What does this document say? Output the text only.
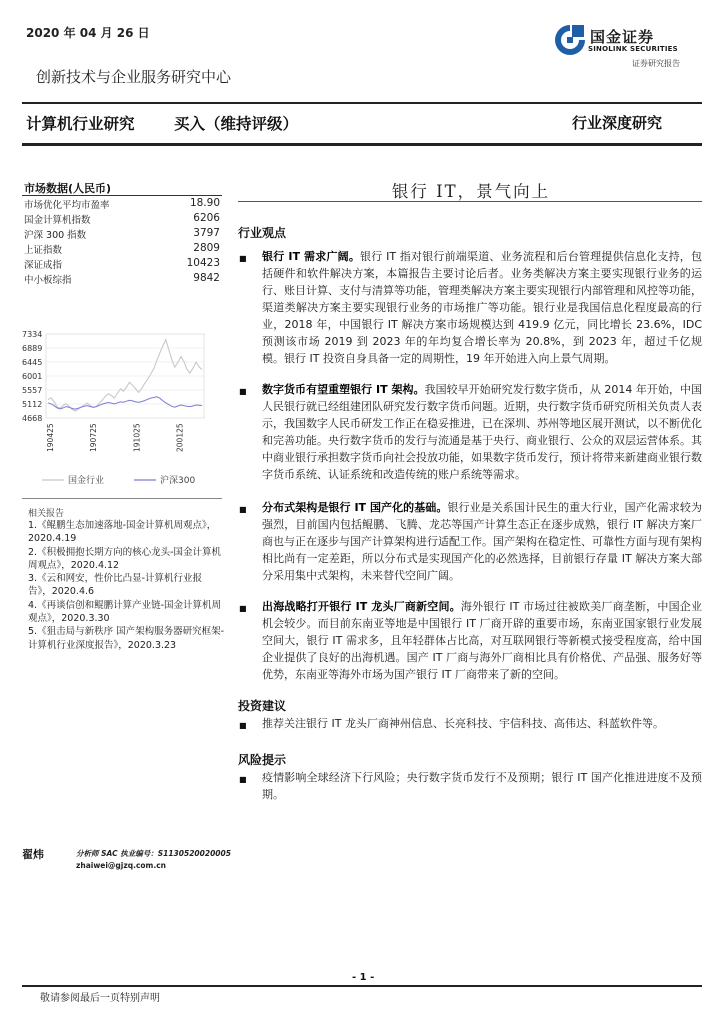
2020 年 04 月 26 日
创新技术与企业服务研究中心
国金证券
SINOLINK SECURITIES
证券研究报告
计算机行业研究	买入（维持评级）	行业深度研究
市场数据(人民币)
市场优化平均市盈率	18.90
国金计算机指数	6206
沪深 300 指数	3797
上证指数	2809
深证成指	10423
中小板综指	9842
7334
6889
6445
6001
5557
5112
4668
190425	190725	191025	200125
国金行业	沪深300
相关报告
1.《鲲鹏生态加速落地-国金计算机周观点》，2020.4.19
2.《积极拥抱长期方向的核心龙头-国金计算机周观点》，2020.4.12
3.《云和网安，性价比凸显-计算机行业报告》，2020.4.6
4.《再谈信创和鲲鹏计算产业链-国金计算机周观点》，2020.3.30
5.《狙击局与新秩序 国产架构服务器研究框架-计算机行业深度报告》，2020.3.23
翟炜	分析师 SAC 执业编号：S1130520020005
zhaiwei@gjzq.com.cn
银行 IT，景气向上
行业观点
■ 银行 IT 需求广阔。银行 IT 指对银行前端渠道、业务流程和后台管理提供信息化支持，包括硬件和软件解决方案，本篇报告主要讨论后者。业务类解决方案主要实现银行业务的运行、账目计算、支付与清算等功能，管理类解决方案主要实现银行内部管理和风控等功能，渠道类解决方案主要实现银行业务的市场推广等功能。银行业是我国信息化程度最高的行业，2018 年，中国银行 IT 解决方案市场规模达到 419.9 亿元，同比增长 23.6%，IDC 预测该市场 2019 到 2023 年的年均复合增长率为 20.8%，到 2023 年，超过千亿规模。银行 IT 投资自身具备一定的周期性，19 年开始进入向上景气周期。
■ 数字货币有望重塑银行 IT 架构。我国较早开始研究发行数字货币，从 2014 年开始，中国人民银行就已经组建团队研究发行数字货币问题。近期，央行数字货币研究所相关负责人表示，我国数字人民币研发工作正在稳妥推进，已在深圳、苏州等地区展开测试，以不断优化和完善功能。央行数字货币的发行与流通是基于央行、商业银行、公众的双层运营体系。其中商业银行承担数字货币向社会投放功能，如果数字货币发行，预计将带来新建商业银行数字货币系统、认证系统和改造传统的账户系统等需求。
■ 分布式架构是银行 IT 国产化的基础。银行业是关系国计民生的重大行业，国产化需求较为强烈，目前国内包括鲲鹏、飞腾、龙芯等国产计算生态正在逐步成熟，银行 IT 解决方案厂商也与正在逐步与国产计算架构进行适配工作。国产架构在稳定性、可靠性方面与现有架构相比尚有一定差距，所以分布式是实现国产化的必然选择，目前银行存量 IT 解决方案大部分采用集中式架构，未来替代空间广阔。
■ 出海战略打开银行 IT 龙头厂商新空间。海外银行 IT 市场过往被欧美厂商垄断，中国企业机会较少。而目前东南亚等地是中国银行 IT 厂商开辟的重要市场，东南亚国家银行业发展空间大，银行 IT 需求多，且年轻群体占比高，对互联网银行等新模式接受程度高，给中国企业提供了良好的出海机遇。国产 IT 厂商与海外厂商相比具有价格优、产品强、服务好等优势，东南亚等海外市场为国产银行 IT 厂商带来了新的空间。
投资建议
■ 推荐关注银行 IT 龙头厂商神州信息、长亮科技、宇信科技、高伟达、科蓝软件等。
风险提示
■ 疫情影响全球经济下行风险；央行数字货币发行不及预期；银行 IT 国产化推进进度不及预期。
- 1 -
敬请参阅最后一页特别声明
